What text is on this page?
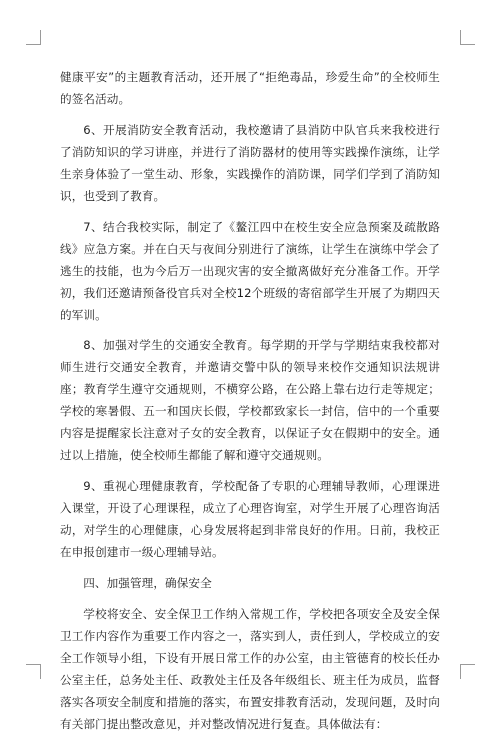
健康平安”的主题教育活动，还开展了“拒绝毒品，珍爱生命”的全校师生的签名活动。

6、开展消防安全教育活动，我校邀请了县消防中队官兵来我校进行了消防知识的学习讲座，并进行了消防器材的使用等实践操作演练，让学生亲身体验了一堂生动、形象，实践操作的消防课，同学们学到了消防知识，也受到了教育。

7、结合我校实际，制定了《鳌江四中在校生安全应急预案及疏散路线》应急方案。并在白天与夜间分别进行了演练，让学生在演练中学会了逃生的技能，也为今后万一出现灾害的安全撤离做好充分准备工作。开学初，我们还邀请预备役官兵对全校12个班级的寄宿部学生开展了为期四天的军训。

8、加强对学生的交通安全教育。每学期的开学与学期结束我校都对师生进行交通安全教育，并邀请交警中队的领导来校作交通知识法规讲座；教育学生遵守交通规则，不横穿公路，在公路上靠右边行走等规定；学校的寒暑假、五一和国庆长假，学校都致家长一封信，信中的一个重要内容是提醒家长注意对子女的安全教育，以保证子女在假期中的安全。通过以上措施，使全校师生都能了解和遵守交通规则。

9、重视心理健康教育，学校配备了专职的心理辅导教师，心理课进入课堂，开设了心理课程，成立了心理咨询室，对学生开展了心理咨询活动，对学生的心理健康，心身发展将起到非常良好的作用。日前，我校正在申报创建市一级心理辅导站。

四、加强管理，确保安全

学校将安全、安全保卫工作纳入常规工作，学校把各项安全及安全保卫工作内容作为重要工作内容之一，落实到人，责任到人，学校成立的安全工作领导小组，下设有开展日常工作的办公室，由主管德育的校长任办公室主任，总务处主任、政教处主任及各年级组长、班主任为成员，监督落实各项安全制度和措施的落实，布置安排教育活动，发现问题，及时向有关部门提出整改意见，并对整改情况进行复查。具体做法有：
